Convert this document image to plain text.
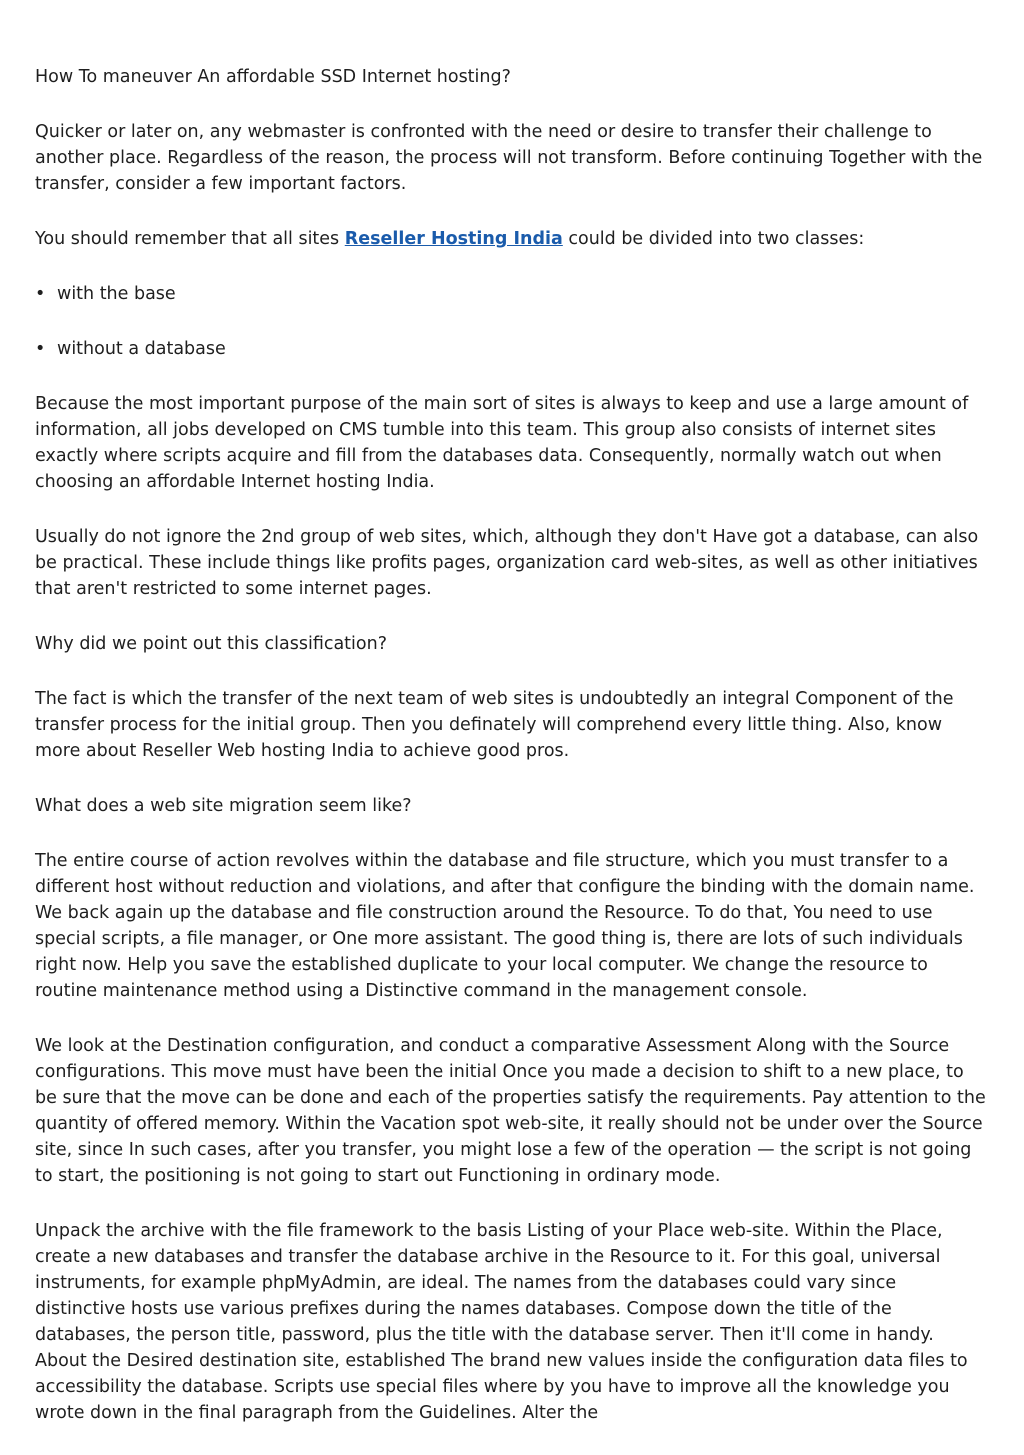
How To maneuver An affordable SSD Internet hosting?

Quicker or later on, any webmaster is confronted with the need or desire to transfer their challenge to another place. Regardless of the reason, the process will not transform. Before continuing Together with the transfer, consider a few important factors.

You should remember that all sites Reseller Hosting India could be divided into two classes:

• with the base

• without a database

Because the most important purpose of the main sort of sites is always to keep and use a large amount of information, all jobs developed on CMS tumble into this team. This group also consists of internet sites exactly where scripts acquire and fill from the databases data. Consequently, normally watch out when choosing an affordable Internet hosting India.

Usually do not ignore the 2nd group of web sites, which, although they don't Have got a database, can also be practical. These include things like profits pages, organization card web-sites, as well as other initiatives that aren't restricted to some internet pages.

Why did we point out this classification?

The fact is which the transfer of the next team of web sites is undoubtedly an integral Component of the transfer process for the initial group. Then you definately will comprehend every little thing. Also, know more about Reseller Web hosting India to achieve good pros.

What does a web site migration seem like?

The entire course of action revolves within the database and file structure, which you must transfer to a different host without reduction and violations, and after that configure the binding with the domain name. We back again up the database and file construction around the Resource. To do that, You need to use special scripts, a file manager, or One more assistant. The good thing is, there are lots of such individuals right now. Help you save the established duplicate to your local computer. We change the resource to routine maintenance method using a Distinctive command in the management console.

We look at the Destination configuration, and conduct a comparative Assessment Along with the Source configurations. This move must have been the initial Once you made a decision to shift to a new place, to be sure that the move can be done and each of the properties satisfy the requirements. Pay attention to the quantity of offered memory. Within the Vacation spot web-site, it really should not be under over the Source site, since In such cases, after you transfer, you might lose a few of the operation — the script is not going to start, the positioning is not going to start out Functioning in ordinary mode.

Unpack the archive with the file framework to the basis Listing of your Place web-site. Within the Place, create a new databases and transfer the database archive in the Resource to it. For this goal, universal instruments, for example phpMyAdmin, are ideal. The names from the databases could vary since distinctive hosts use various prefixes during the names databases. Compose down the title of the databases, the person title, password, plus the title with the database server. Then it'll come in handy. About the Desired destination site, established The brand new values inside the configuration data files to accessibility the database. Scripts use special files where by you have to improve all the knowledge you wrote down in the final paragraph from the Guidelines. Alter the
